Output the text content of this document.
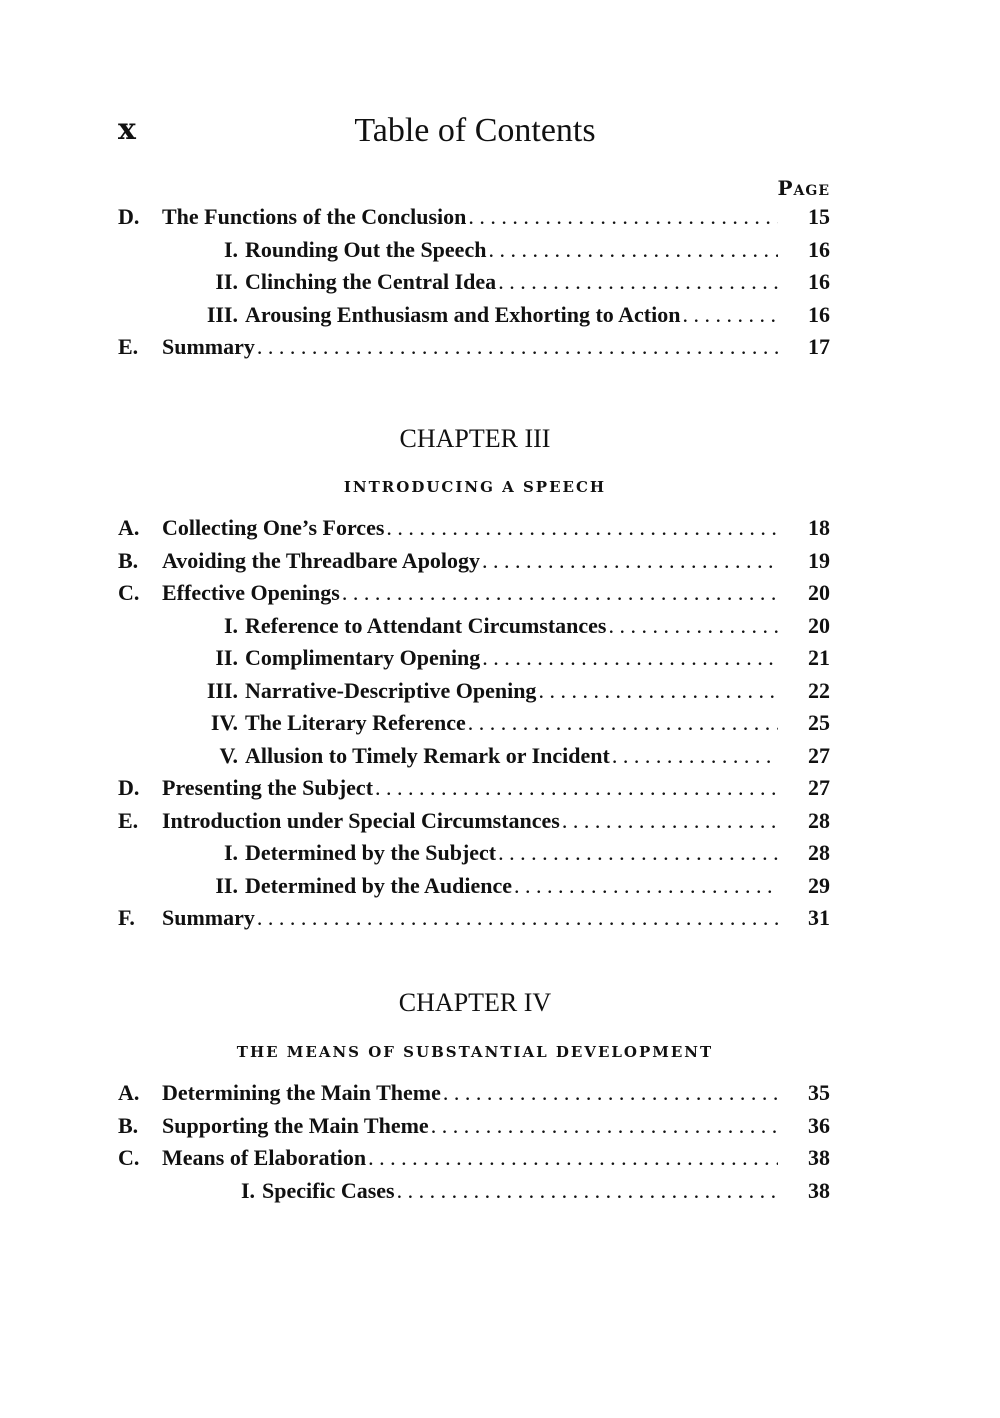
x	Table of Contents
Page
D.	The Functions of the Conclusion . . .	15
I. Rounding Out the Speech . . .	16
II. Clinching the Central Idea . . .	16
III. Arousing Enthusiasm and Exhorting to Action . . .	16
E.	Summary . . .	17
CHAPTER III
INTRODUCING A SPEECH
A.	Collecting One’s Forces . . .	18
B.	Avoiding the Threadbare Apology . . .	19
C.	Effective Openings . . .	20
I. Reference to Attendant Circumstances . . .	20
II. Complimentary Opening . . .	21
III. Narrative-Descriptive Opening . . .	22
IV. The Literary Reference . . .	25
V. Allusion to Timely Remark or Incident . . .	27
D.	Presenting the Subject . . .	27
E.	Introduction under Special Circumstances . . .	28
I. Determined by the Subject . . .	28
II. Determined by the Audience . . .	29
F.	Summary . . .	31
CHAPTER IV
THE MEANS OF SUBSTANTIAL DEVELOPMENT
A.	Determining the Main Theme . . .	35
B.	Supporting the Main Theme . . .	36
C.	Means of Elaboration . . .	38
I. Specific Cases . . .	38
